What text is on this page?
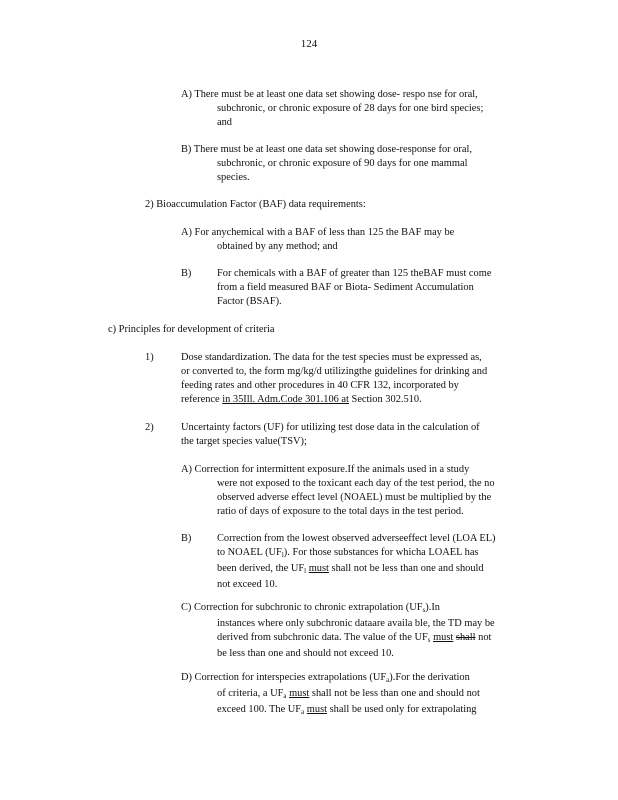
124
A) There must be at least one data set showing dose- respo nse for oral,
subchronic, or chronic exposure of 28 days for one bird species;
and
B) There must be at least one data set showing dose-response for oral,
subchronic, or chronic exposure of 90 days for one mammal
species.
2) Bioaccumulation Factor (BAF) data requirements:
A) For anychemical with a BAF of less than 125 the BAF may be
obtained by any method; and
B) For chemicals with a BAF of greater than 125 theBAF must come
from a field measured BAF or Biota- Sediment Accumulation
Factor (BSAF).
c) Principles for development of criteria
1)	Dose standardization. The data for the test species must be expressed as,
or converted to, the form mg/kg/d utilizingthe guidelines for drinking and
feeding rates and other procedures in 40 CFR 132, incorporated by
reference in 35Ill. Adm.Code 301.106 at Section 302.510.
2)	Uncertainty factors (UF) for utilizing test dose data in the calculation of
the target species value(TSV);
A) Correction for intermittent exposure.If the animals used in a study
were not exposed to the toxicant each day of the test period, the no
observed adverse effect level (NOAEL) must be multiplied by the
ratio of days of exposure to the total days in the test period.
B) Correction from the lowest observed adverseeffect level (LOA EL)
to NOAEL $(UF_l)$. For those substances for whicha LOAEL has
been derived, the $UF_l$ must shall not be less than one and should
not exceed 10.
C) Correction for subchronic to chronic extrapolation $(UF_s).In$
instances where only subchronic dataare availa ble, the TD may be
derived from subchronic data. The value of the $UF_s$ must shall not
be less than one and should not exceed 10.
D) Correction for interspecies extrapolations $(UF_a).For$ the derivation
of criteria, a $UF_a$ must shall not be less than one and should not
exceed 100. The $UF_a$ must shall be used only for extrapolating
